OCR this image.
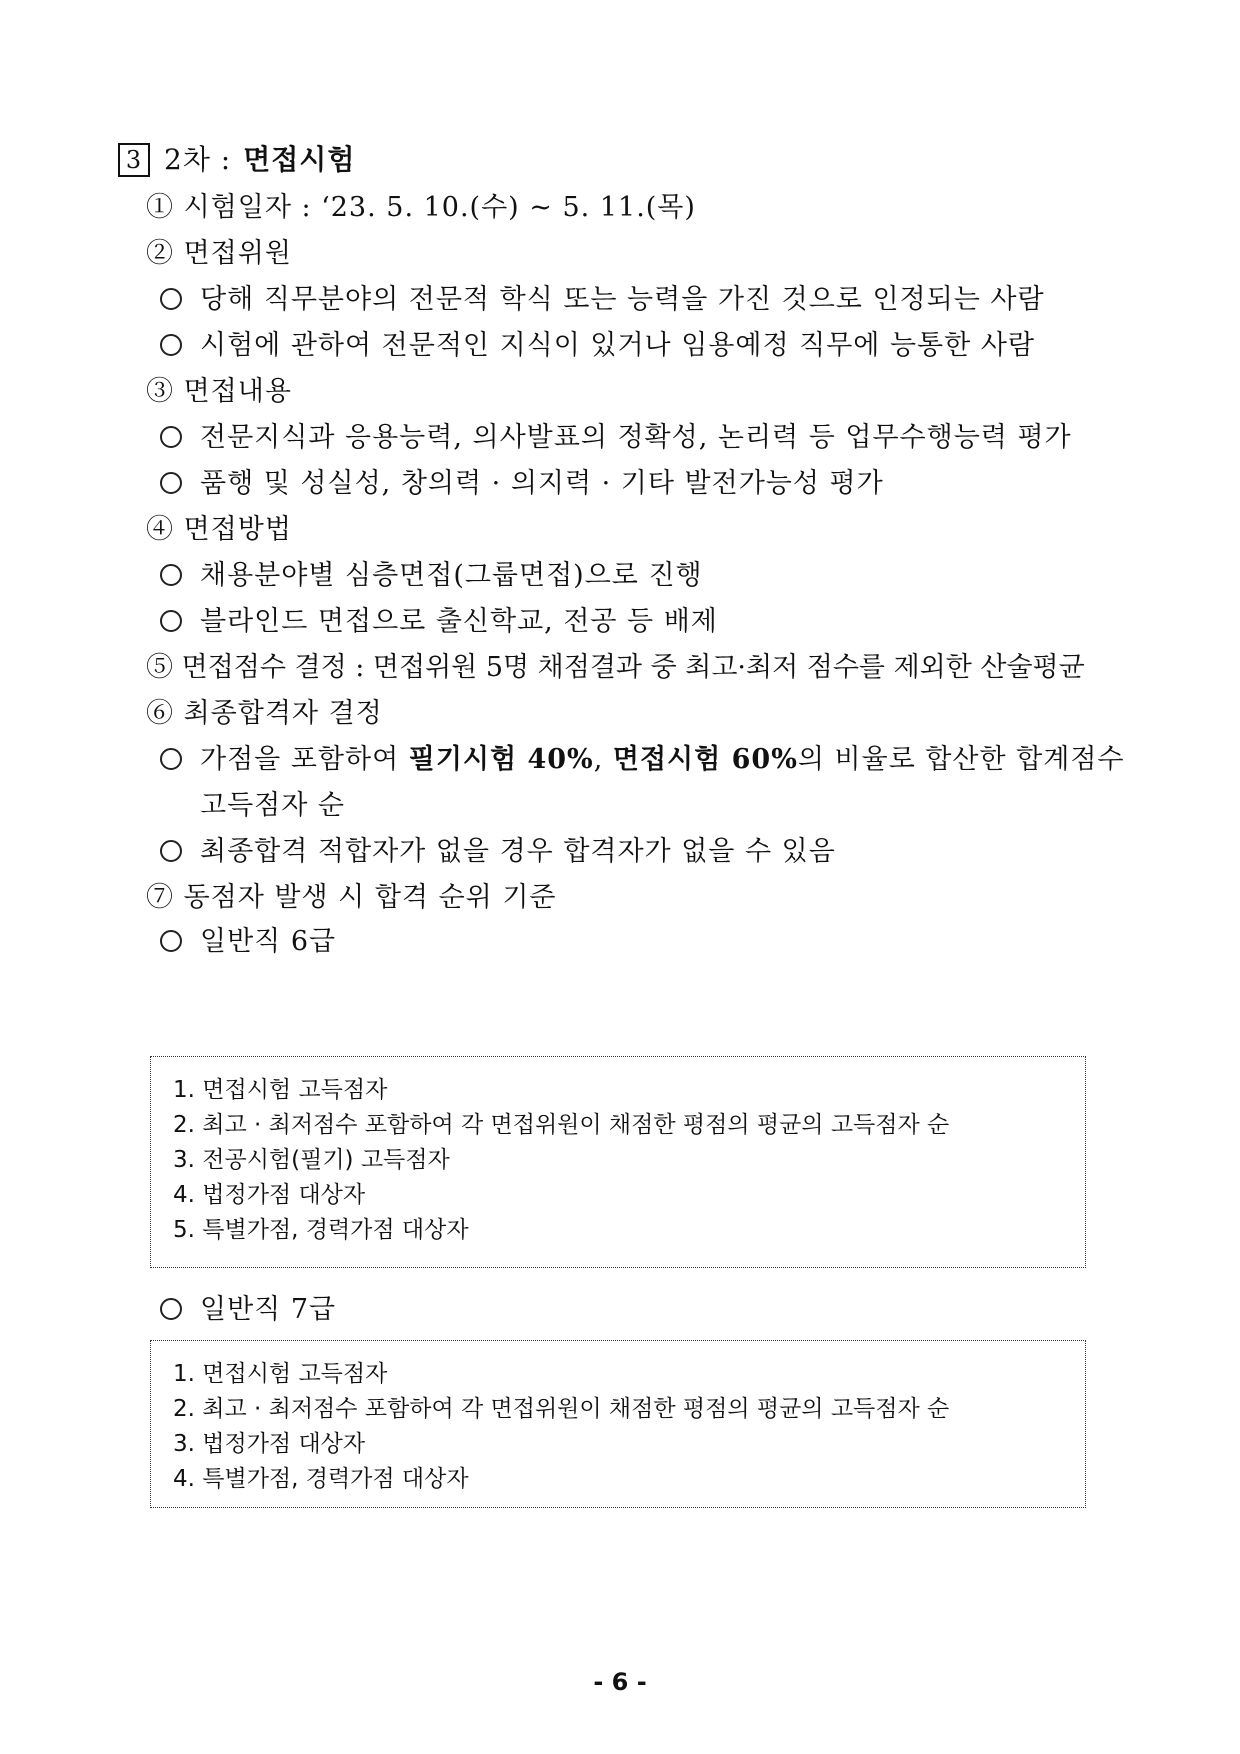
3 2차 : 면접시험
① 시험일자 : ‘23. 5. 10.(수) ~ 5. 11.(목)
② 면접위원
당해 직무분야의 전문적 학식 또는 능력을 가진 것으로 인정되는 사람
시험에 관하여 전문적인 지식이 있거나 임용예정 직무에 능통한 사람
③ 면접내용
전문지식과 응용능력, 의사발표의 정확성, 논리력 등 업무수행능력 평가
품행 및 성실성, 창의력 · 의지력 · 기타 발전가능성 평가
④ 면접방법
채용분야별 심층면접(그룹면접)으로 진행
블라인드 면접으로 출신학교, 전공 등 배제
⑤ 면접점수 결정 : 면접위원 5명 채점결과 중 최고·최저 점수를 제외한 산술평균
⑥ 최종합격자 결정
가점을 포함하여 필기시험 40%, 면접시험 60%의 비율로 합산한 합계점수
고득점자 순
최종합격 적합자가 없을 경우 합격자가 없을 수 있음
⑦ 동점자 발생 시 합격 순위 기준
일반직 6급
1. 면접시험 고득점자
2. 최고 · 최저점수 포함하여 각 면접위원이 채점한 평점의 평균의 고득점자 순
3. 전공시험(필기) 고득점자
4. 법정가점 대상자
5. 특별가점, 경력가점 대상자
일반직 7급
1. 면접시험 고득점자
2. 최고 · 최저점수 포함하여 각 면접위원이 채점한 평점의 평균의 고득점자 순
3. 법정가점 대상자
4. 특별가점, 경력가점 대상자
- 6 -
